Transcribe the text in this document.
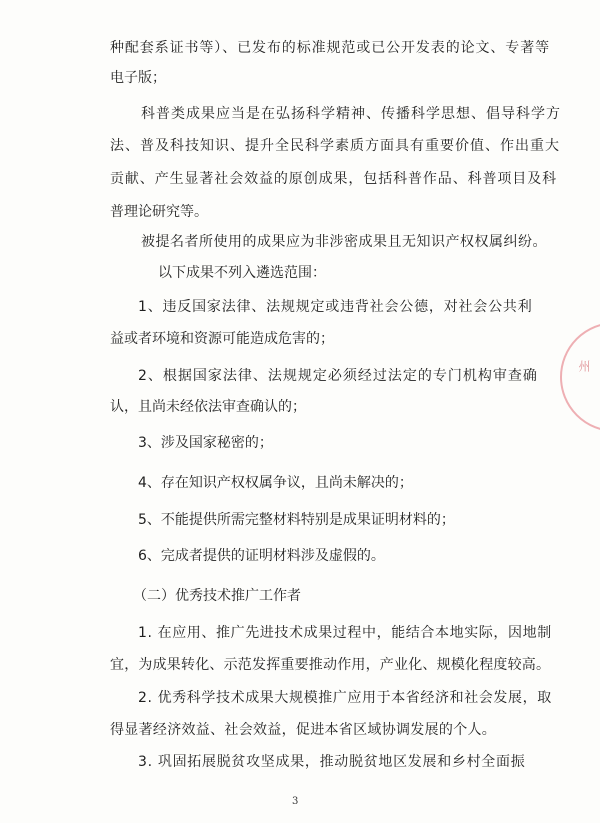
州
种配套系证书等）、已发布的标准规范或已公开发表的论文、专著等
电子版；
科普类成果应当是在弘扬科学精神、传播科学思想、倡导科学方
法、普及科技知识、提升全民科学素质方面具有重要价值、作出重大
贡献、产生显著社会效益的原创成果，包括科普作品、科普项目及科
普理论研究等。
被提名者所使用的成果应为非涉密成果且无知识产权权属纠纷。
以下成果不列入遴选范围：
1、违反国家法律、法规规定或违背社会公德，对社会公共利
益或者环境和资源可能造成危害的；
2、根据国家法律、法规规定必须经过法定的专门机构审查确
认，且尚未经依法审查确认的；
3、涉及国家秘密的；
4、存在知识产权权属争议，且尚未解决的；
5、不能提供所需完整材料特别是成果证明材料的；
6、完成者提供的证明材料涉及虚假的。
（二）优秀技术推广工作者
1. 在应用、推广先进技术成果过程中，能结合本地实际，因地制
宜，为成果转化、示范发挥重要推动作用，产业化、规模化程度较高。
2. 优秀科学技术成果大规模推广应用于本省经济和社会发展，取
得显著经济效益、社会效益，促进本省区域协调发展的个人。
3. 巩固拓展脱贫攻坚成果，推动脱贫地区发展和乡村全面振
3
